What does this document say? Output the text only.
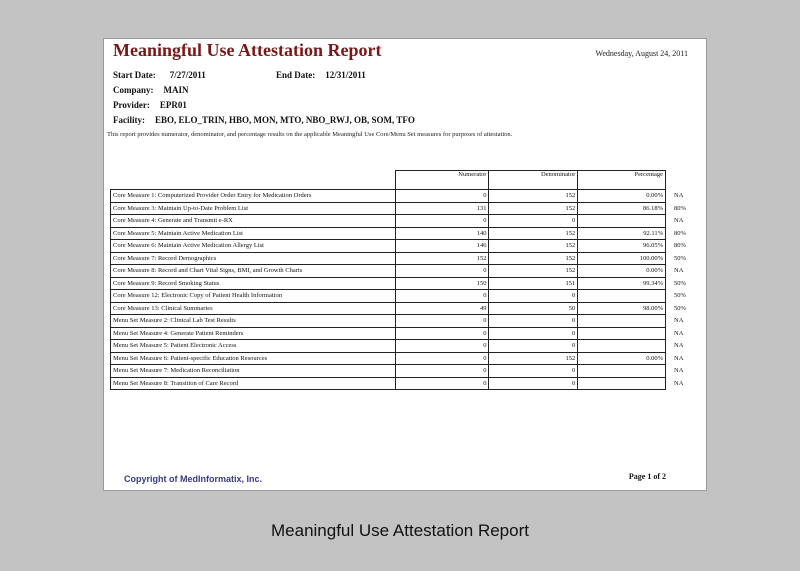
Meaningful Use Attestation Report	Wednesday, August 24, 2011
Start Date: 7/27/2011	End Date: 12/31/2011
Company: MAIN
Provider: EPR01
Facility: EBO, ELO_TRIN, HBO, MON, MTO, NBO_RWJ, OB, SOM, TFO
This report provides numerator, denominator, and percentage results on the applicable Meaningful Use Core/Menu Set measures for purposes of attestation.
	Numerator	Denominator	Percentage	
Core Measure 1: Computerized Provider Order Entry for Medication Orders	0	152	0.00%	NA
Core Measure 3: Maintain Up-to-Date Problem List	131	152	86.18%	80%
Core Measure 4: Generate and Transmit e-RX	0	0		NA
Core Measure 5: Maintain Active Medication List	140	152	92.11%	80%
Core Measure 6: Maintain Active Medication Allergy List	146	152	96.05%	80%
Core Measure 7: Record Demographics	152	152	100.00%	50%
Core Measure 8: Record and Chart Vital Signs, BMI, and Growth Charts	0	152	0.00%	NA
Core Measure 9: Record Smoking Status	150	151	99.34%	50%
Core Measure 12: Electronic Copy of Patient Health Information	0	0		50%
Core Measure 13: Clinical Summaries	49	50	98.00%	50%
Menu Set Measure 2: Clinical Lab Test Results	0	0		NA
Menu Set Measure 4: Generate Patient Reminders	0	0		NA
Menu Set Measure 5: Patient Electronic Access	0	0		NA
Menu Set Measure 6: Patient-specific Education Resources	0	152	0.00%	NA
Menu Set Measure 7: Medication Reconciliation	0	0		NA
Menu Set Measure 8: Transition of Care Record	0	0		NA
Copyright of MedInformatix, Inc.	Page 1 of 2
Meaningful Use Attestation Report
